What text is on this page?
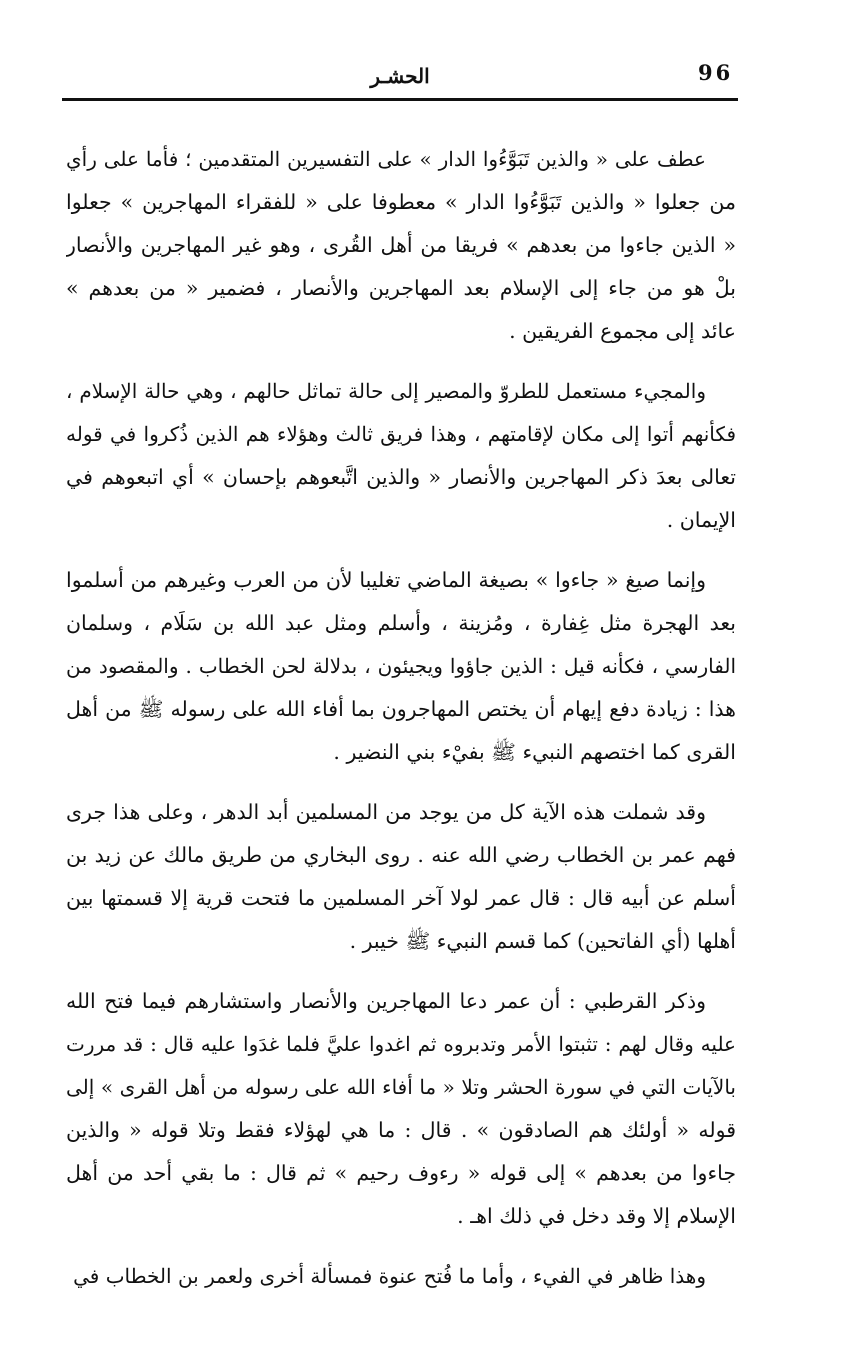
96
الحشـر
عطف على « والذين تَبَوَّءُوا الدار » على التفسيرين المتقدمين ؛ فأما على رأي
من جعلوا « والذين تَبَوَّءُوا الدار » معطوفا على « للفقراء المهاجرين » جعلوا
« الذين جاءوا من بعدهم » فريقا من أهل القُرى ، وهو غير المهاجرين والأنصار
بلْ هو من جاء إلى الإسلام بعد المهاجرين والأنصار ، فضمير « من بعدهم »
عائد إلى مجموع الفريقين .
والمجيء مستعمل للطروّ والمصير إلى حالة تماثل حالهم ، وهي حالة الإسلام ،
فكأنهم أتوا إلى مكان لإقامتهم ، وهذا فريق ثالث وهؤلاء هم الذين ذُكروا في قوله
تعالى بعدَ ذكر المهاجرين والأنصار « والذين اتَّبعوهم بإحسان » أي اتبعوهم في
الإيمان .
وإنما صيغ « جاءوا » بصيغة الماضي تغليبا لأن من العرب وغيرهم من أسلموا
بعد الهجرة مثل غِفارة ، ومُزينة ، وأسلم ومثل عبد الله بن سَلَام ، وسلمان
الفارسي ، فكأنه قيل : الذين جاؤوا ويجيئون ، بدلالة لحن الخطاب . والمقصود من
هذا : زيادة دفع إيهام أن يختص المهاجرون بما أفاء الله على رسوله ﷺ من أهل
القرى كما اختصهم النبيء ﷺ بفيْء بني النضير .
وقد شملت هذه الآية كل من يوجد من المسلمين أبد الدهر ، وعلى هذا جرى
فهم عمر بن الخطاب رضي الله عنه . روى البخاري من طريق مالك عن زيد بن
أسلم عن أبيه قال : قال عمر لولا آخر المسلمين ما فتحت قرية إلا قسمتها بين
أهلها (أي الفاتحين) كما قسم النبيء ﷺ خيبر .
وذكر القرطبي : أن عمر دعا المهاجرين والأنصار واستشارهم فيما فتح الله
عليه وقال لهم : تثبتوا الأمر وتدبروه ثم اغدوا عليَّ فلما غدَوا عليه قال : قد مررت
بالآيات التي في سورة الحشر وتلا « ما أفاء الله على رسوله من أهل القرى » إلى
قوله « أولئك هم الصادقون » . قال : ما هي لهؤلاء فقط وتلا قوله « والذين
جاءوا من بعدهم » إلى قوله « رءوف رحيم » ثم قال : ما بقي أحد من أهل
الإسلام إلا وقد دخل في ذلك اهـ .
وهذا ظاهر في الفيء ، وأما ما فُتح عنوة فمسألة أخرى ولعمر بن الخطاب في
